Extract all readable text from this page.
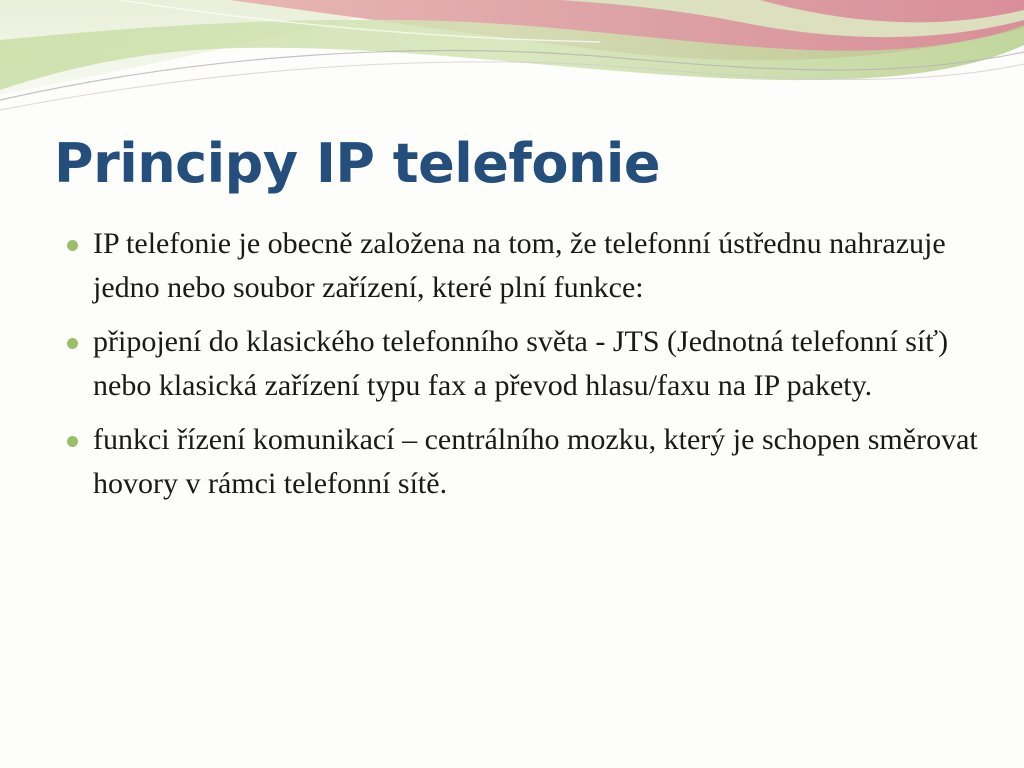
Principy IP telefonie
IP telefonie je obecně založena na tom, že telefonní ústřednu nahrazuje jedno nebo soubor zařízení, které plní funkce:
připojení do klasického telefonního světa - JTS (Jednotná telefonní síť) nebo klasická zařízení typu fax a převod hlasu/faxu na IP pakety.
funkci řízení komunikací – centrálního mozku, který je schopen směrovat hovory v rámci telefonní sítě.
